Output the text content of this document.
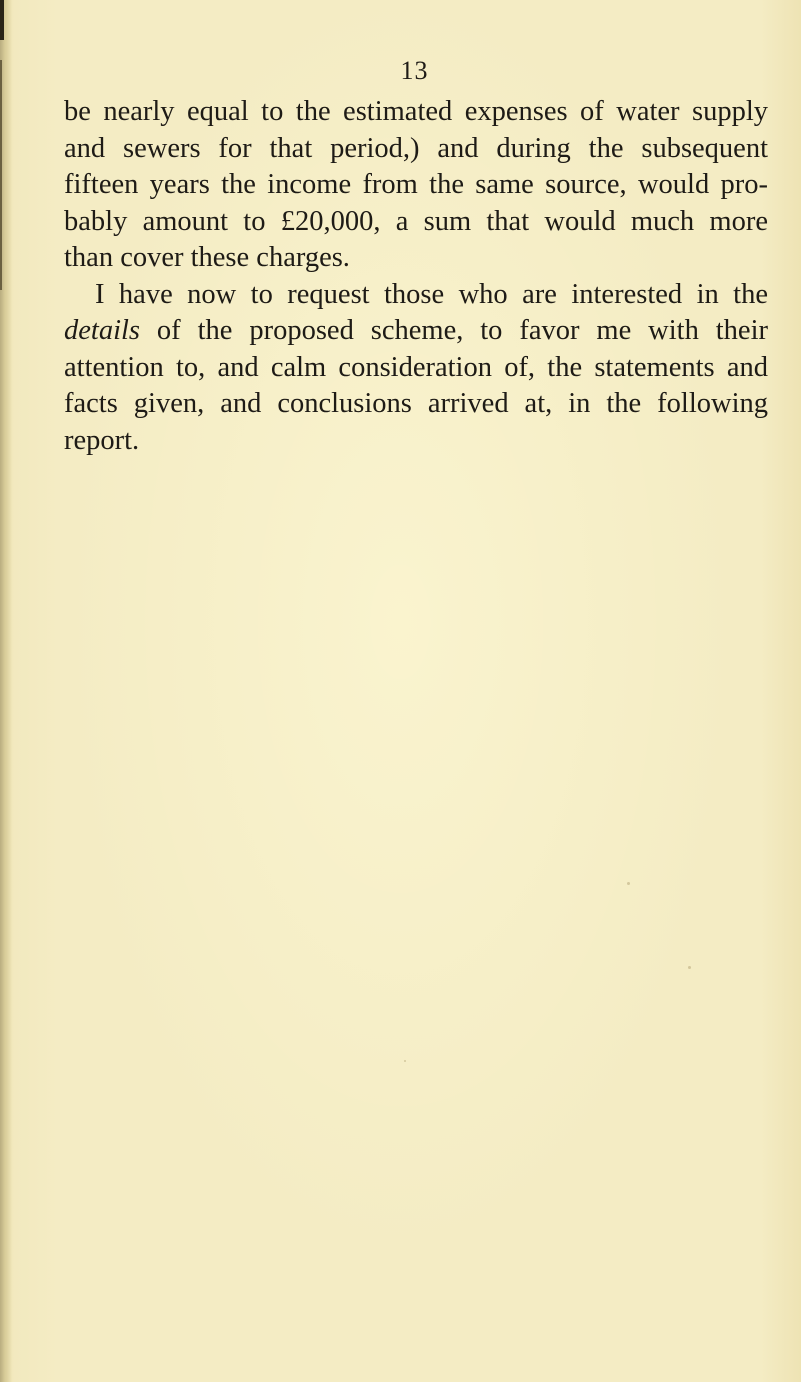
13
be nearly equal to the estimated expenses of water supply
and sewers for that period,) and during the subsequent
fifteen years the income from the same source, would pro-
bably amount to £20,000, a sum that would much more
than cover these charges.
I have now to request those who are interested in the
details of the proposed scheme, to favor me with their
attention to, and calm consideration of, the statements and
facts given, and conclusions arrived at, in the following
report.
